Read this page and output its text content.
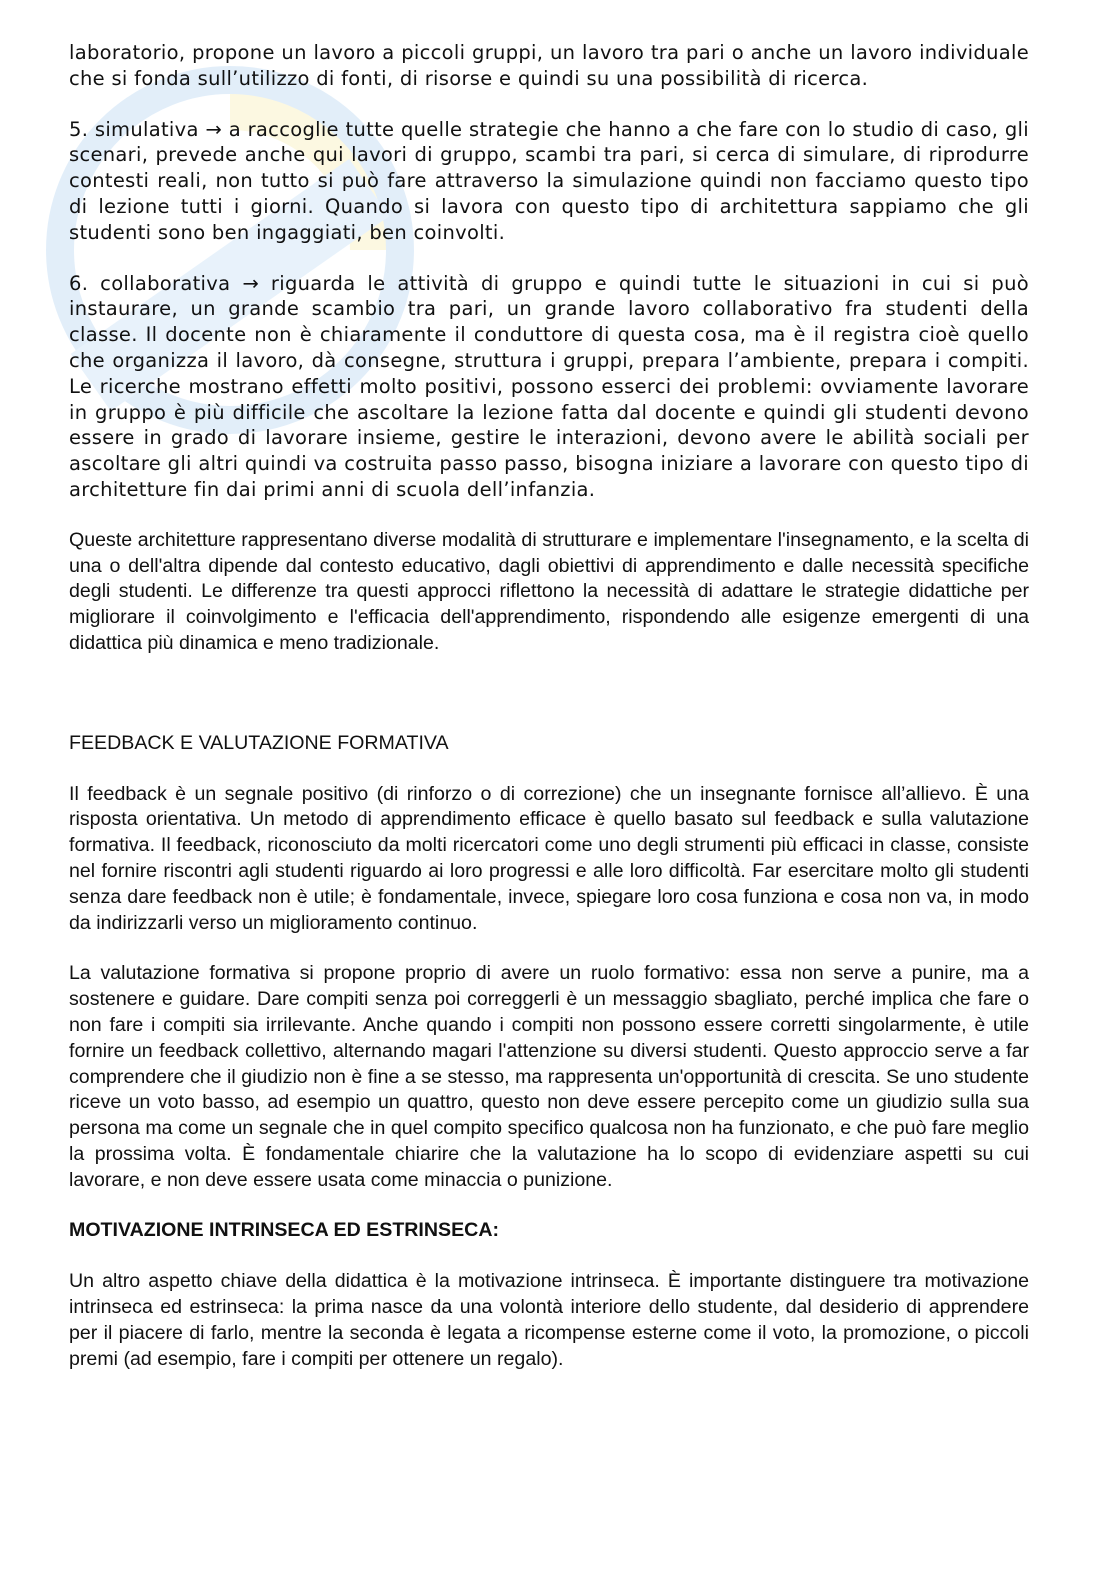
laboratorio, propone un lavoro a piccoli gruppi, un lavoro tra pari o anche un lavoro individuale che si fonda sull’utilizzo di fonti, di risorse e quindi su una possibilità di ricerca.

5. simulativa → a raccoglie tutte quelle strategie che hanno a che fare con lo studio di caso, gli scenari, prevede anche qui lavori di gruppo, scambi tra pari, si cerca di simulare, di riprodurre contesti reali, non tutto si può fare attraverso la simulazione quindi non facciamo questo tipo di lezione tutti i giorni. Quando si lavora con questo tipo di architettura sappiamo che gli studenti sono ben ingaggiati, ben coinvolti.

6. collaborativa → riguarda le attività di gruppo e quindi tutte le situazioni in cui si può instaurare, un grande scambio tra pari, un grande lavoro collaborativo fra studenti della classe. Il docente non è chiaramente il conduttore di questa cosa, ma è il registra cioè quello che organizza il lavoro, dà consegne, struttura i gruppi, prepara l’ambiente, prepara i compiti. Le ricerche mostrano effetti molto positivi, possono esserci dei problemi: ovviamente lavorare in gruppo è più difficile che ascoltare la lezione fatta dal docente e quindi gli studenti devono essere in grado di lavorare insieme, gestire le interazioni, devono avere le abilità sociali per ascoltare gli altri quindi va costruita passo passo, bisogna iniziare a lavorare con questo tipo di architetture fin dai primi anni di scuola dell’infanzia.

Queste architetture rappresentano diverse modalità di strutturare e implementare l'insegnamento, e la scelta di una o dell'altra dipende dal contesto educativo, dagli obiettivi di apprendimento e dalle necessità specifiche degli studenti. Le differenze tra questi approcci riflettono la necessità di adattare le strategie didattiche per migliorare il coinvolgimento e l'efficacia dell'apprendimento, rispondendo alle esigenze emergenti di una didattica più dinamica e meno tradizionale.

FEEDBACK E VALUTAZIONE FORMATIVA

Il feedback è un segnale positivo (di rinforzo o di correzione) che un insegnante fornisce all’allievo. È una risposta orientativa. Un metodo di apprendimento efficace è quello basato sul feedback e sulla valutazione formativa. Il feedback, riconosciuto da molti ricercatori come uno degli strumenti più efficaci in classe, consiste nel fornire riscontri agli studenti riguardo ai loro progressi e alle loro difficoltà. Far esercitare molto gli studenti senza dare feedback non è utile; è fondamentale, invece, spiegare loro cosa funziona e cosa non va, in modo da indirizzarli verso un miglioramento continuo.

La valutazione formativa si propone proprio di avere un ruolo formativo: essa non serve a punire, ma a sostenere e guidare. Dare compiti senza poi correggerli è un messaggio sbagliato, perché implica che fare o non fare i compiti sia irrilevante. Anche quando i compiti non possono essere corretti singolarmente, è utile fornire un feedback collettivo, alternando magari l'attenzione su diversi studenti. Questo approccio serve a far comprendere che il giudizio non è fine a se stesso, ma rappresenta un'opportunità di crescita. Se uno studente riceve un voto basso, ad esempio un quattro, questo non deve essere percepito come un giudizio sulla sua persona ma come un segnale che in quel compito specifico qualcosa non ha funzionato, e che può fare meglio la prossima volta. È fondamentale chiarire che la valutazione ha lo scopo di evidenziare aspetti su cui lavorare, e non deve essere usata come minaccia o punizione.

MOTIVAZIONE INTRINSECA ED ESTRINSECA:

Un altro aspetto chiave della didattica è la motivazione intrinseca. È importante distinguere tra motivazione intrinseca ed estrinseca: la prima nasce da una volontà interiore dello studente, dal desiderio di apprendere per il piacere di farlo, mentre la seconda è legata a ricompense esterne come il voto, la promozione, o piccoli premi (ad esempio, fare i compiti per ottenere un regalo).
